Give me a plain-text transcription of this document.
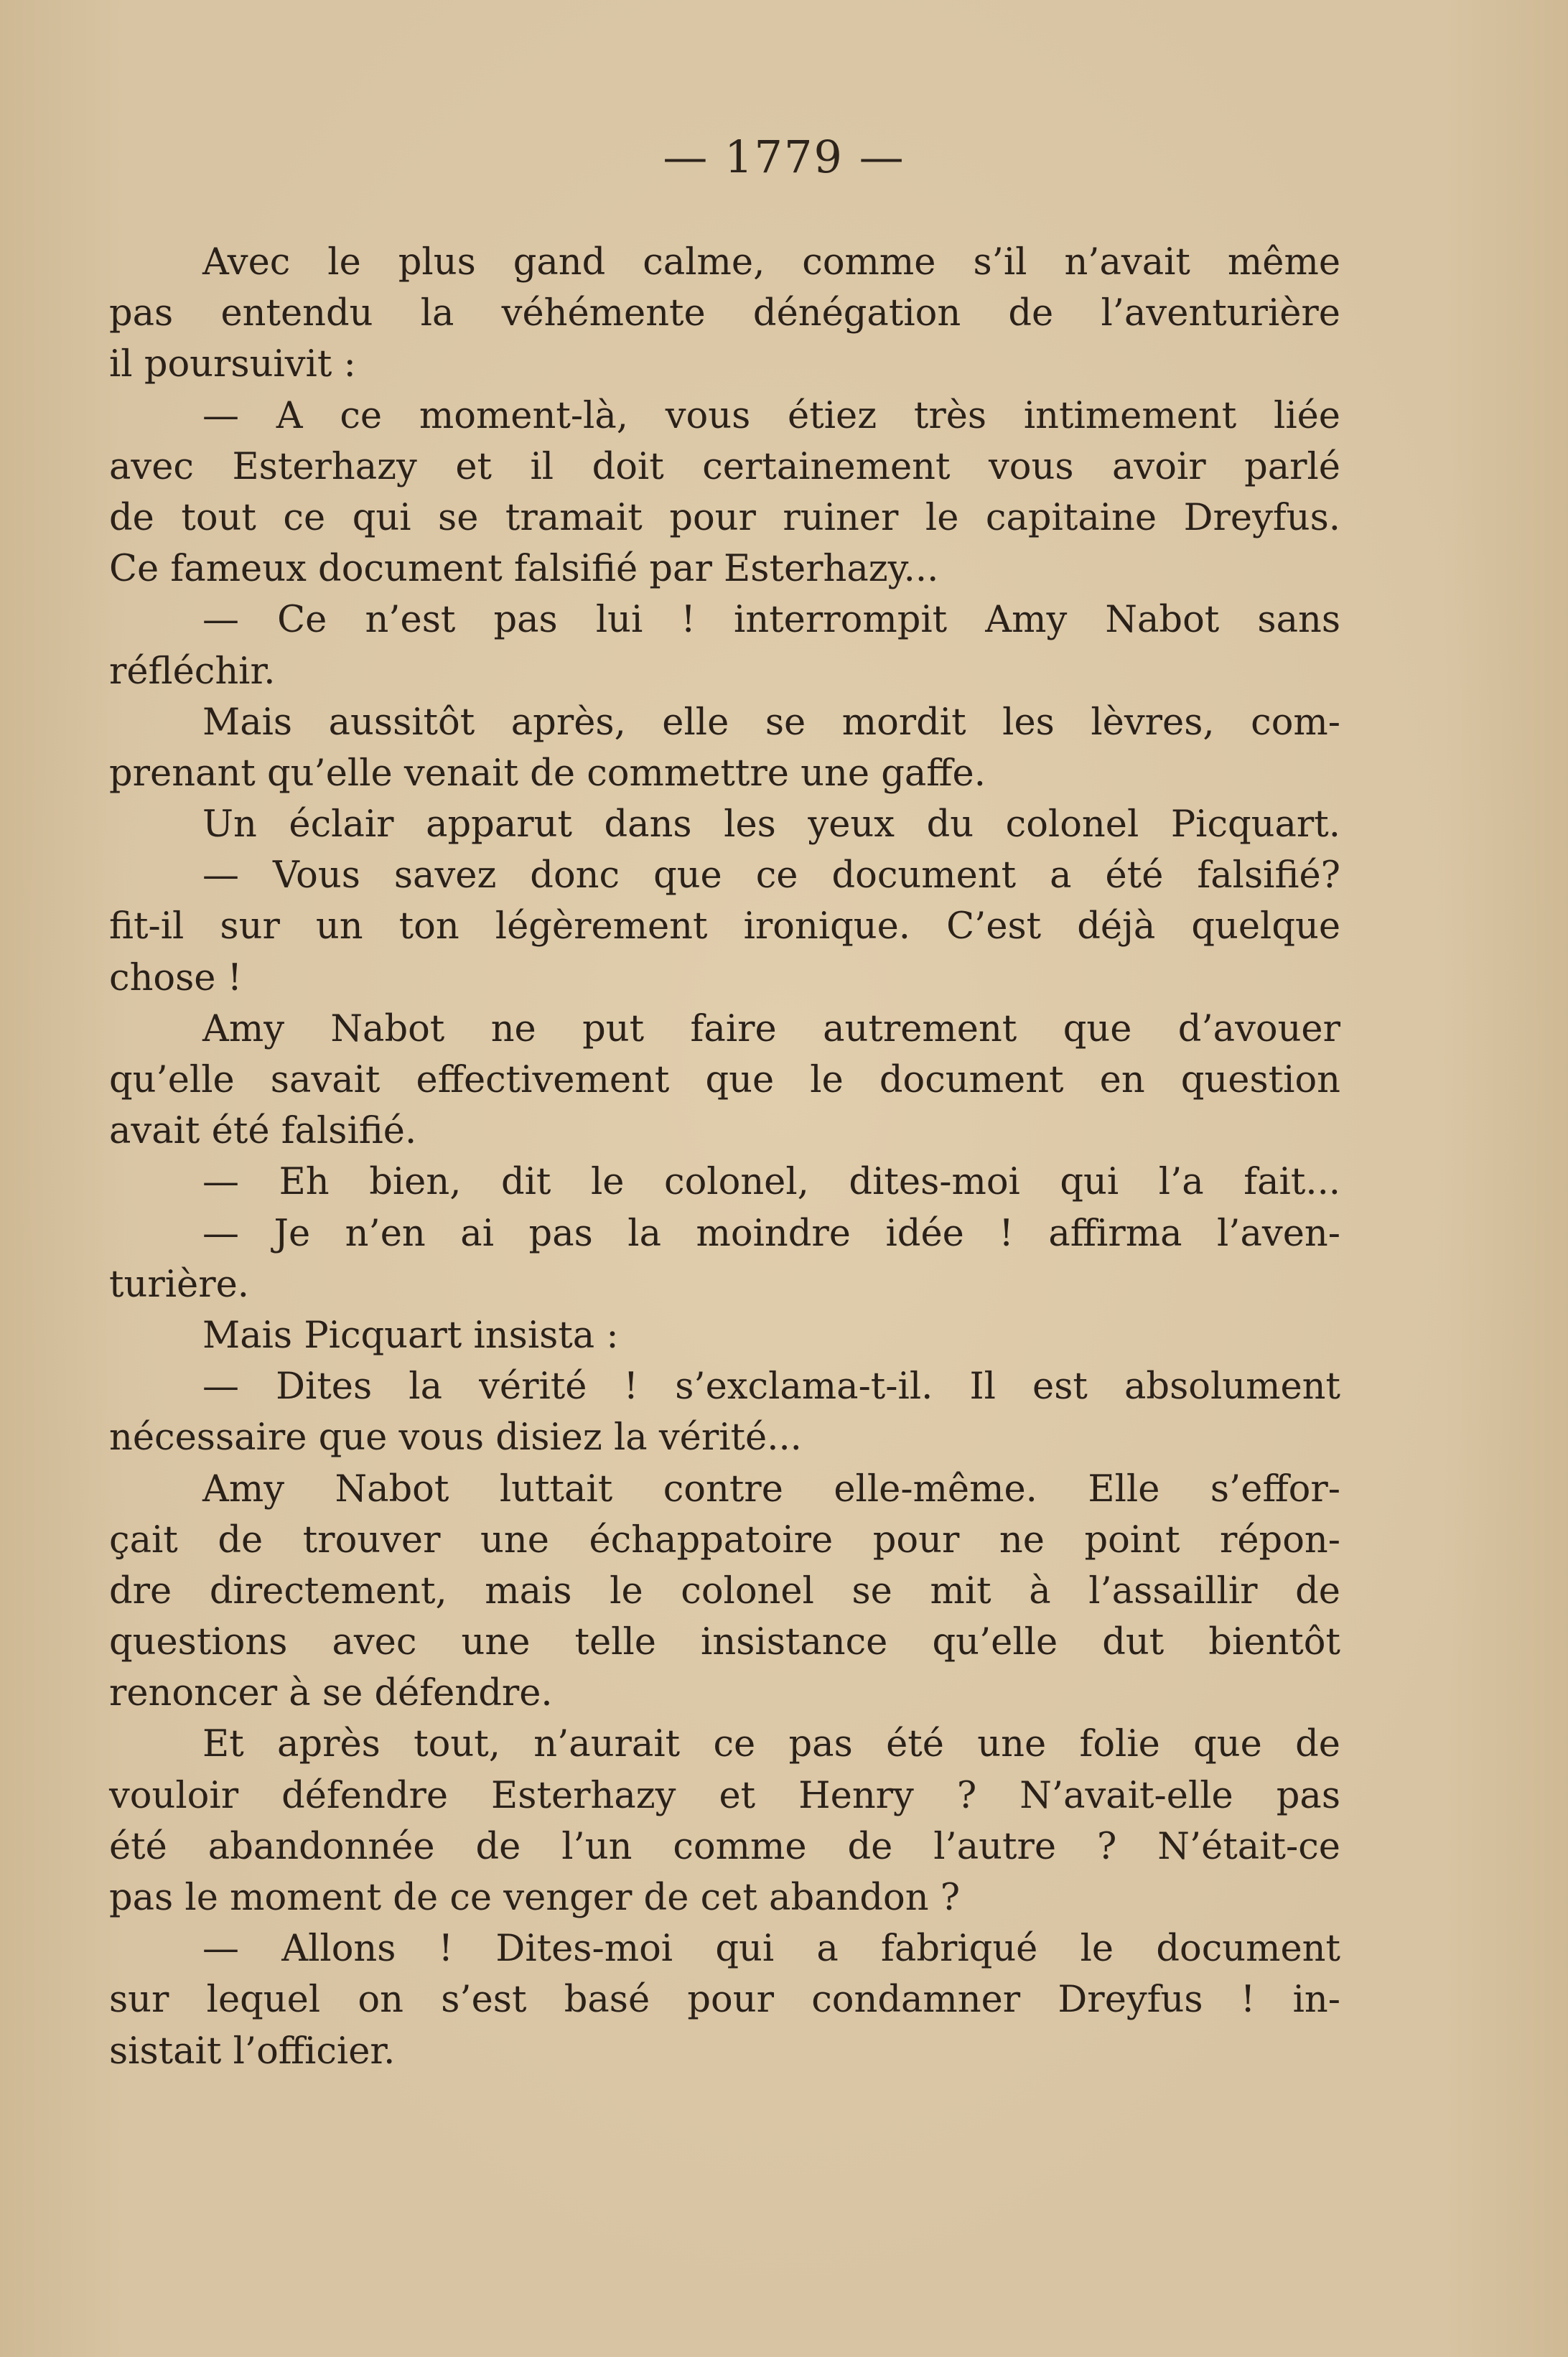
— 1779 —
Avec le plus gand calme, comme s’il n’avait même
pas entendu la véhémente dénégation de l’aventurière
il poursuivit :
— A ce moment-là, vous étiez très intimement liée
avec Esterhazy et il doit certainement vous avoir parlé
de tout ce qui se tramait pour ruiner le capitaine Dreyfus.
Ce fameux document falsifié par Esterhazy...
— Ce n’est pas lui ! interrompit Amy Nabot sans
réfléchir.
Mais aussitôt après, elle se mordit les lèvres, com-
prenant qu’elle venait de commettre une gaffe.
Un éclair apparut dans les yeux du colonel Picquart.
— Vous savez donc que ce document a été falsifié?
fit-il sur un ton légèrement ironique. C’est déjà quelque
chose !
Amy Nabot ne put faire autrement que d’avouer
qu’elle savait effectivement que le document en question
avait été falsifié.
— Eh bien, dit le colonel, dites-moi qui l’a fait...
— Je n’en ai pas la moindre idée ! affirma l’aven-
turière.
Mais Picquart insista :
— Dites la vérité ! s’exclama-t-il. Il est absolument
nécessaire que vous disiez la vérité...
Amy Nabot luttait contre elle-même. Elle s’effor-
çait de trouver une échappatoire pour ne point répon-
dre directement, mais le colonel se mit à l’assaillir de
questions avec une telle insistance qu’elle dut bientôt
renoncer à se défendre.
Et après tout, n’aurait ce pas été une folie que de
vouloir défendre Esterhazy et Henry ? N’avait-elle pas
été abandonnée de l’un comme de l’autre ? N’était-ce
pas le moment de ce venger de cet abandon ?
— Allons ! Dites-moi qui a fabriqué le document
sur lequel on s’est basé pour condamner Dreyfus ! in-
sistait l’officier.
